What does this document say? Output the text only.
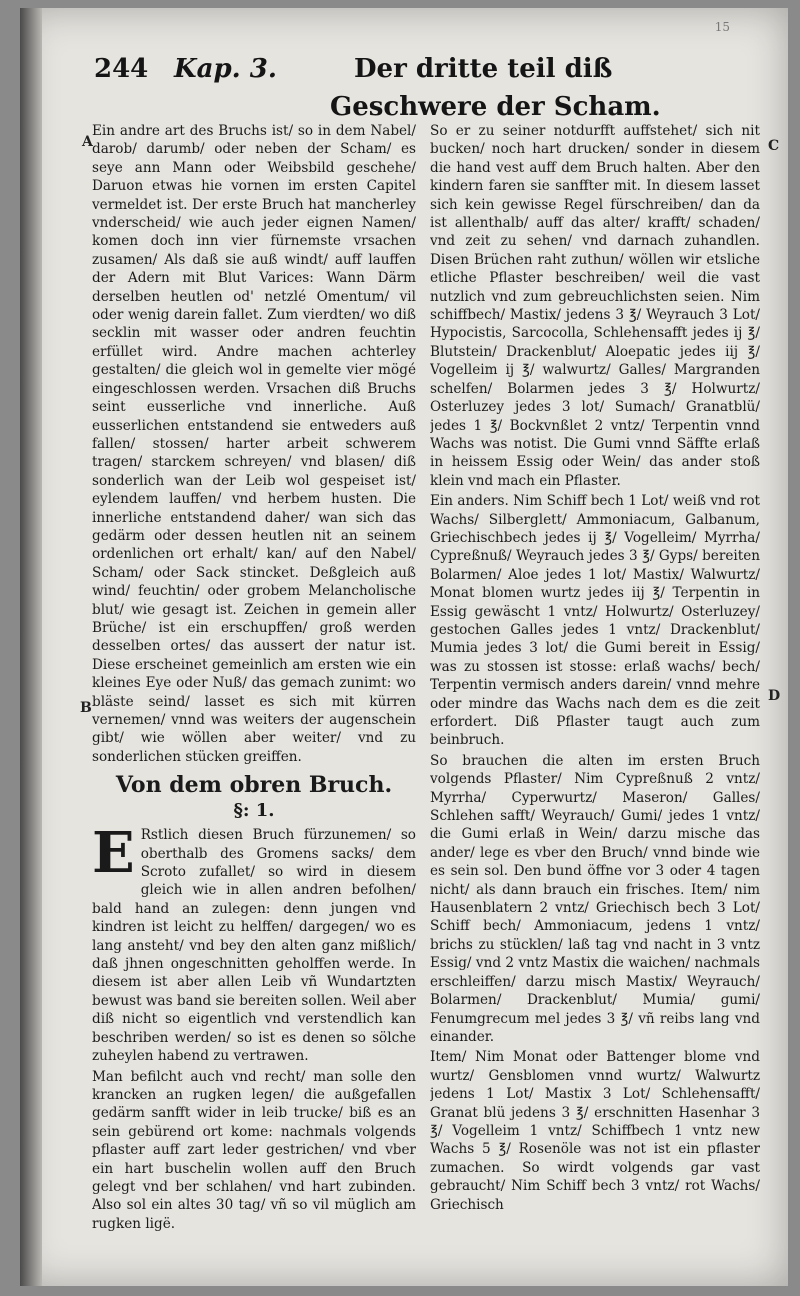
244 Kap. 3.	Der dritte teil diß
Geschwere der Scham.
15
A
B
C
D

Ein andre art des Bruchs ist/ so in dem Nabel/ darob/ darumb/ oder neben der Scham/ es seye ann Mann oder Weibsbild geschehe/ Daruon etwas hie vornen im ersten Capitel vermeldet ist. Der erste Bruch hat mancherley vnderscheid/ wie auch jeder eignen Namen/ komen doch inn vier fürnemste vrsachen zusamen/ Als daß sie auß windt/ auff lauffen der Adern mit Blut Varices: Wann Därm derselben heutlen od' netzlé Omentum/ vil oder wenig darein fallet. Zum vierdten/ wo diß secklin mit wasser oder andren feuchtin erfüllet wird. Andre machen achterley gestalten/ die gleich wol in gemelte vier mögé eingeschlossen werden. Vrsachen diß Bruchs seint eusserliche vnd innerliche. Auß eusserlichen entstandend sie entweders auß fallen/ stossen/ harter arbeit schwerem tragen/ starckem schreyen/ vnd blasen/ diß sonderlich wan der Leib wol gespeiset ist/ eylendem lauffen/ vnd herbem husten. Die innerliche entstandend daher/ wan sich das gedärm oder dessen heutlen nit an seinem ordenlichen ort erhalt/ kan/ auf den Nabel/ Scham/ oder Sack stincket. Deßgleich auß wind/ feuchtin/ oder grobem Melancholische blut/ wie gesagt ist. Zeichen in gemein aller Brüche/ ist ein erschupffen/ groß werden desselben ortes/ das aussert der natur ist. Diese erscheinet gemeinlich am ersten wie ein kleines Eye oder Nuß/ das gemach zunimt: wo bläste seind/ lasset es sich mit kürren vernemen/ vnnd was weiters der augenschein gibt/ wie wöllen aber weiter/ vnd zu sonderlichen stücken greiffen.

Von dem obren Bruch.
§: 1.

E Rstlich diesen Bruch fürzunemen/ so oberthalb des Gromens sacks/ dem Scroto zufallet/ so wird in diesem gleich wie in allen andren befolhen/ bald hand an zulegen: denn jungen vnd kindren ist leicht zu helffen/ dargegen/ wo es lang ansteht/ vnd bey den alten ganz mißlich/ daß jhnen ongeschnitten geholffen werde. In diesem ist aber allen Leib vñ Wundartzten bewust was band sie bereiten sollen. Weil aber diß nicht so eigentlich vnd verstendlich kan beschriben werden/ so ist es denen so sölche zuheylen habend zu vertrawen.

Man befilcht auch vnd recht/ man solle den krancken an rugken legen/ die außgefallen gedärm sanfft wider in leib trucke/ biß es an sein gebürend ort kome: nachmals volgends pflaster auff zart leder gestrichen/ vnd vber ein hart buschelin wollen auff den Bruch gelegt vnd ber schlahen/ vnd hart zubinden. Also sol ein altes 30 tag/ vñ so vil müglich am rugken ligë.

So er zu seiner notdurfft auffstehet/ sich nit bucken/ noch hart drucken/ sonder in diesem die hand vest auff dem Bruch halten. Aber den kindern faren sie sanffter mit. In diesem lasset sich kein gewisse Regel fürschreiben/ dan da ist allenthalb/ auff das alter/ krafft/ schaden/ vnd zeit zu sehen/ vnd darnach zuhandlen. Disen Brüchen raht zuthun/ wöllen wir etsliche etliche Pflaster beschreiben/ weil die vast nutzlich vnd zum gebreuchlichsten seien. Nim schiffbech/ Mastix/ jedens 3 ℥/ Weyrauch 3 Lot/ Hypocistis, Sarcocolla, Schlehensafft jedes ij ℥/ Blutstein/ Drackenblut/ Aloepatic jedes iij ℥/ Vogelleim ij ℥/ walwurtz/ Galles/ Margranden schelfen/ Bolarmen jedes 3 ℥/ Holwurtz/ Osterluzey jedes 3 lot/ Sumach/ Granatblü/ jedes 1 ℥/ Bockvnßlet 2 vntz/ Terpentin vnnd Wachs was notist. Die Gumi vnnd Säffte erlaß in heissem Essig oder Wein/ das ander stoß klein vnd mach ein Pflaster.

Ein anders. Nim Schiff bech 1 Lot/ weiß vnd rot Wachs/ Silberglett/ Ammoniacum, Galbanum, Griechischbech jedes ij ℥/ Vogelleim/ Myrrha/ Cypreßnuß/ Weyrauch jedes 3 ℥/ Gyps/ bereiten Bolarmen/ Aloe jedes 1 lot/ Mastix/ Walwurtz/ Monat blomen wurtz jedes iij ℥/ Terpentin in Essig gewäscht 1 vntz/ Holwurtz/ Osterluzey/ gestochen Galles jedes 1 vntz/ Drackenblut/ Mumia jedes 3 lot/ die Gumi bereit in Essig/ was zu stossen ist stosse: erlaß wachs/ bech/ Terpentin vermisch anders darein/ vnnd mehre oder mindre das Wachs nach dem es die zeit erfordert. Diß Pflaster taugt auch zum beinbruch.

So brauchen die alten im ersten Bruch volgends Pflaster/ Nim Cypreßnuß 2 vntz/ Myrrha/ Cyperwurtz/ Maseron/ Galles/ Schlehen safft/ Weyrauch/ Gumi/ jedes 1 vntz/ die Gumi erlaß in Wein/ darzu mische das ander/ lege es vber den Bruch/ vnnd binde wie es sein sol. Den bund öffne vor 3 oder 4 tagen nicht/ als dann brauch ein frisches. Item/ nim Hausenblatern 2 vntz/ Griechisch bech 3 Lot/ Schiff bech/ Ammoniacum, jedens 1 vntz/ brichs zu stücklen/ laß tag vnd nacht in 3 vntz Essig/ vnd 2 vntz Mastix die waichen/ nachmals erschleiffen/ darzu misch Mastix/ Weyrauch/ Bolarmen/ Drackenblut/ Mumia/ gumi/ Fenumgrecum mel jedes 3 ℥/ vñ reibs lang vnd einander.

Item/ Nim Monat oder Battenger blome vnd wurtz/ Gensblomen vnnd wurtz/ Walwurtz jedens 1 Lot/ Mastix 3 Lot/ Schlehensafft/ Granat blü jedens 3 ℥/ erschnitten Hasenhar 3 ℥/ Vogelleim 1 vntz/ Schiffbech 1 vntz new Wachs 5 ℥/ Rosenöle was not ist ein pflaster zumachen. So wirdt volgends gar vast gebraucht/ Nim Schiff bech 3 vntz/ rot Wachs/ Griechisch
